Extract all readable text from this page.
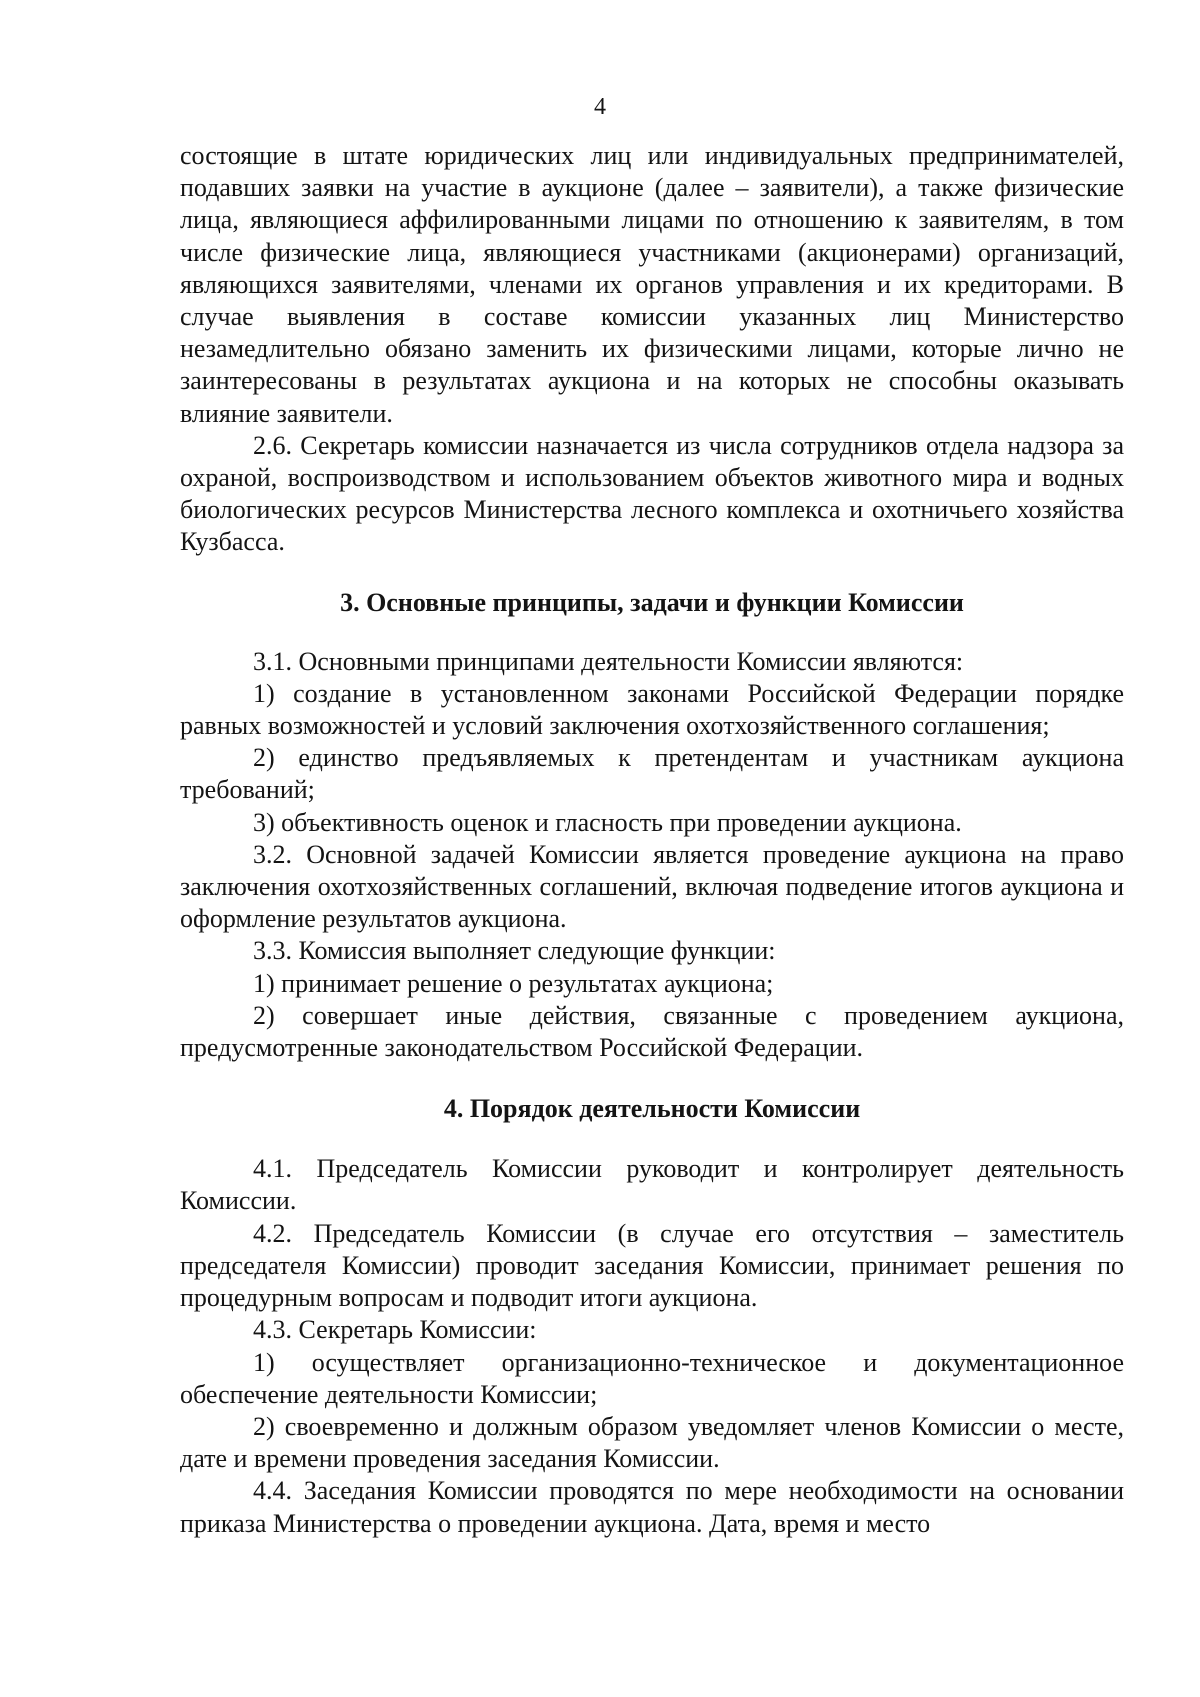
4

состоящие в штате юридических лиц или индивидуальных предпринимателей, подавших заявки на участие в аукционе (далее – заявители), а также физические лица, являющиеся аффилированными лицами по отношению к заявителям, в том числе физические лица, являющиеся участниками (акционерами) организаций, являющихся заявителями, членами их органов управления и их кредиторами. В случае выявления в составе комиссии указанных лиц Министерство незамедлительно обязано заменить их физическими лицами, которые лично не заинтересованы в результатах аукциона и на которых не способны оказывать влияние заявители.

2.6. Секретарь комиссии назначается из числа сотрудников отдела надзора за охраной, воспроизводством и использованием объектов животного мира и водных биологических ресурсов Министерства лесного комплекса и охотничьего хозяйства Кузбасса.

3. Основные принципы, задачи и функции Комиссии

3.1. Основными принципами деятельности Комиссии являются:

1) создание в установленном законами Российской Федерации порядке равных возможностей и условий заключения охотхозяйственного соглашения;

2) единство предъявляемых к претендентам и участникам аукциона требований;

3) объективность оценок и гласность при проведении аукциона.

3.2. Основной задачей Комиссии является проведение аукциона на право заключения охотхозяйственных соглашений, включая подведение итогов аукциона и оформление результатов аукциона.

3.3. Комиссия выполняет следующие функции:

1) принимает решение о результатах аукциона;

2) совершает иные действия, связанные с проведением аукциона, предусмотренные законодательством Российской Федерации.

4. Порядок деятельности Комиссии

4.1. Председатель Комиссии руководит и контролирует деятельность Комиссии.

4.2. Председатель Комиссии (в случае его отсутствия – заместитель председателя Комиссии) проводит заседания Комиссии, принимает решения по процедурным вопросам и подводит итоги аукциона.

4.3. Секретарь Комиссии:

1) осуществляет организационно-техническое и документационное обеспечение деятельности Комиссии;

2) своевременно и должным образом уведомляет членов Комиссии о месте, дате и времени проведения заседания Комиссии.

4.4. Заседания Комиссии проводятся по мере необходимости на основании приказа Министерства о проведении аукциона. Дата, время и место
